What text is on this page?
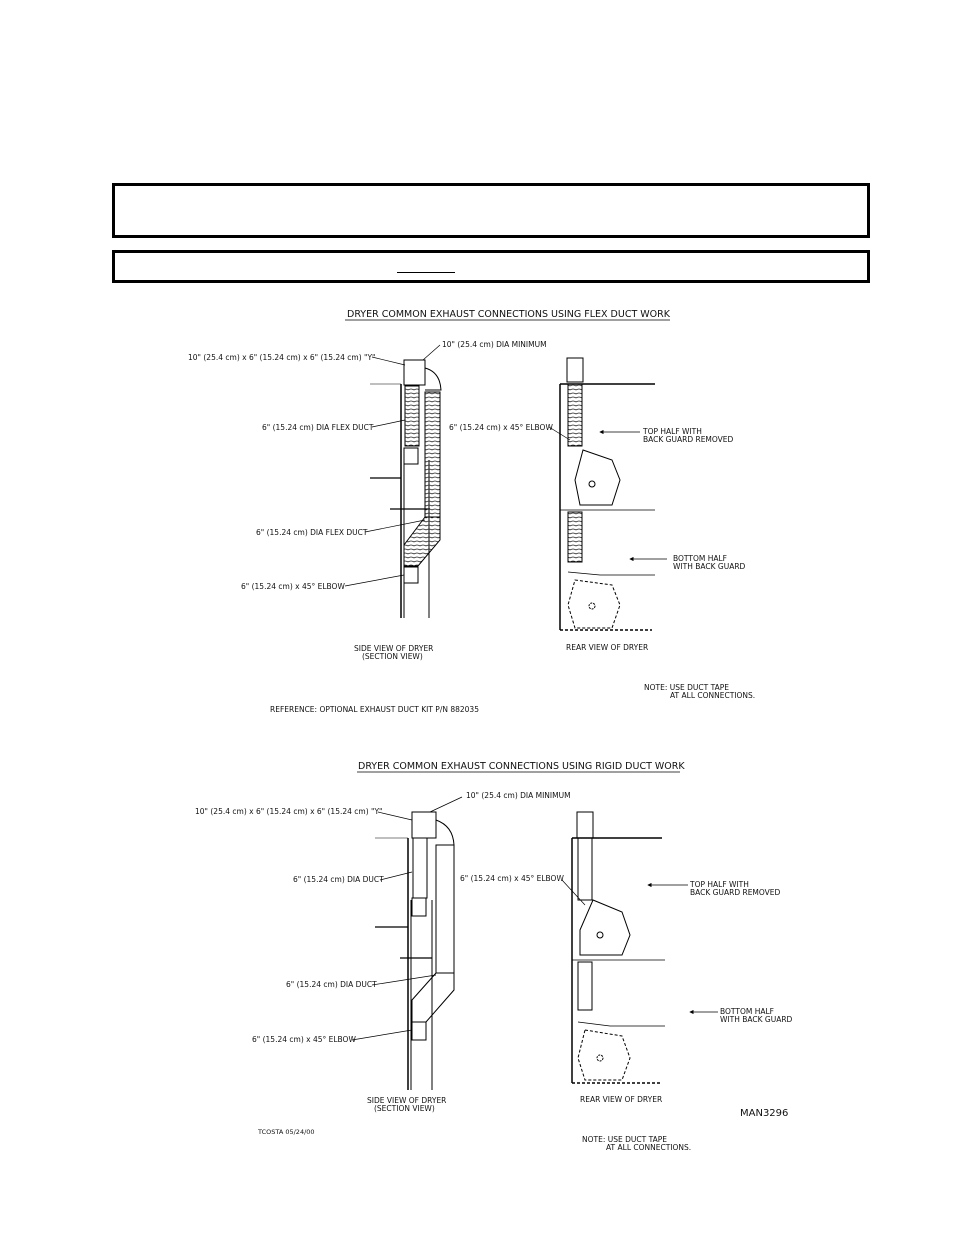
DRYER COMMON EXHAUST CONNECTIONS USING FLEX DUCT WORK
10" (25.4 cm) x 6" (15.24 cm) x 6" (15.24 cm) "Y"
10" (25.4 cm) DIA MINIMUM
6" (15.24 cm) DIA FLEX DUCT
6" (15.24 cm) DIA FLEX DUCT
6" (15.24 cm) x 45° ELBOW
6" (15.24 cm) x 45° ELBOW	TOP HALF WITH
BACK GUARD REMOVED
BOTTOM HALF
WITH BACK GUARD
SIDE VIEW OF DRYER
(SECTION VIEW)
REAR VIEW OF DRYER
NOTE: USE DUCT TAPE
AT ALL CONNECTIONS.
REFERENCE: OPTIONAL EXHAUST DUCT KIT P/N 882035
DRYER COMMON EXHAUST CONNECTIONS USING RIGID DUCT WORK
10" (25.4 cm) x 6" (15.24 cm) x 6" (15.24 cm) "Y"
10" (25.4 cm) DIA MINIMUM
6" (15.24 cm) DIA DUCT
6" (15.24 cm) DIA DUCT
6" (15.24 cm) x 45° ELBOW
6" (15.24 cm) x 45° ELBOW
TOP HALF WITH
BACK GUARD REMOVED
BOTTOM HALF
WITH BACK GUARD
SIDE VIEW OF DRYER
(SECTION VIEW)
REAR VIEW OF DRYER
MAN3296
TCOSTA 05/24/00
NOTE: USE DUCT TAPE
AT ALL CONNECTIONS.
